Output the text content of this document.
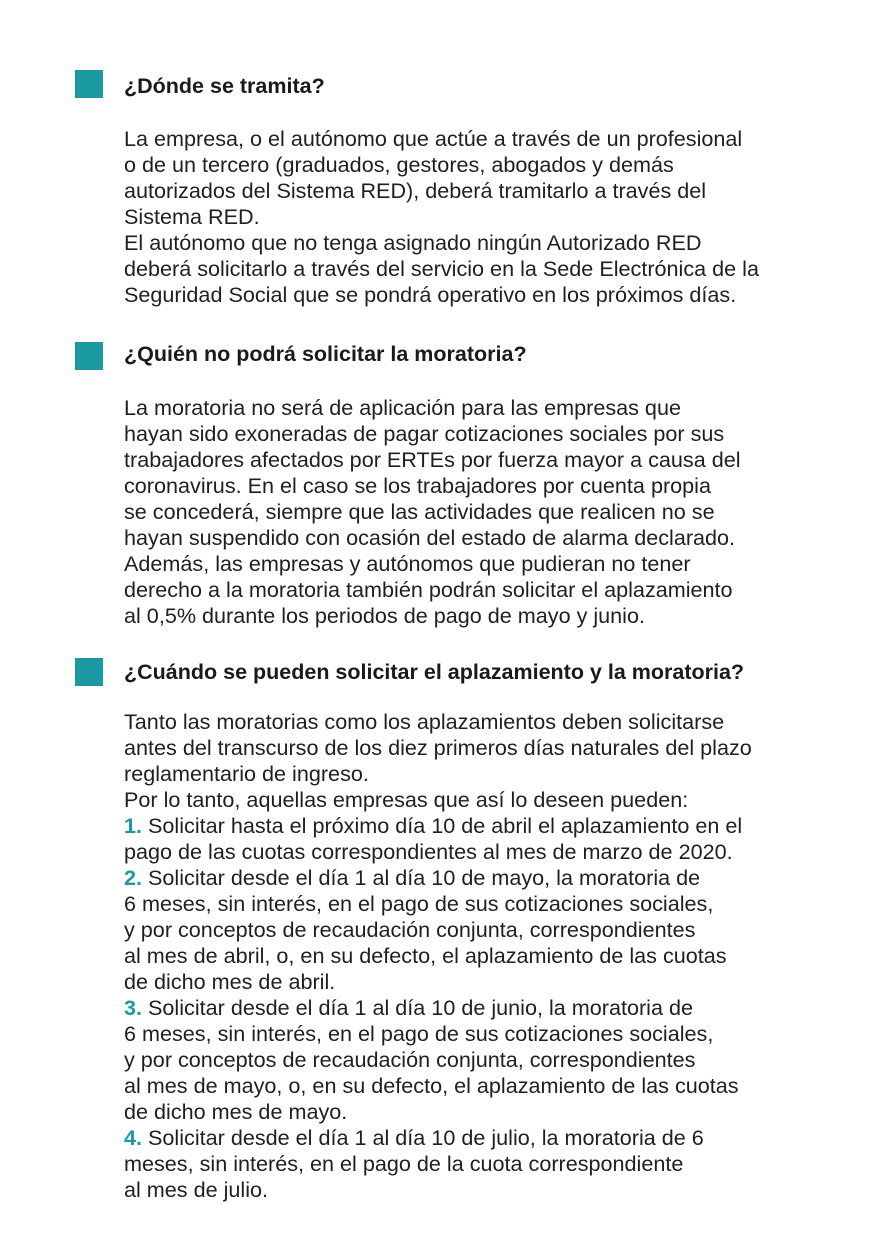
¿Dónde se tramita?

La empresa, o el autónomo que actúe a través de un profesional
o de un tercero (graduados, gestores, abogados y demás
autorizados del Sistema RED), deberá tramitarlo a través del
Sistema RED.
El autónomo que no tenga asignado ningún Autorizado RED
deberá solicitarlo a través del servicio en la Sede Electrónica de la
Seguridad Social que se pondrá operativo en los próximos días.

¿Quién no podrá solicitar la moratoria?

La moratoria no será de aplicación para las empresas que
hayan sido exoneradas de pagar cotizaciones sociales por sus
trabajadores afectados por ERTEs por fuerza mayor a causa del
coronavirus. En el caso se los trabajadores por cuenta propia
se concederá, siempre que las actividades que realicen no se
hayan suspendido con ocasión del estado de alarma declarado.
Además, las empresas y autónomos que pudieran no tener
derecho a la moratoria también podrán solicitar el aplazamiento
al 0,5% durante los periodos de pago de mayo y junio.

¿Cuándo se pueden solicitar el aplazamiento y la moratoria?

Tanto las moratorias como los aplazamientos deben solicitarse
antes del transcurso de los diez primeros días naturales del plazo
reglamentario de ingreso.
Por lo tanto, aquellas empresas que así lo deseen pueden:
1. Solicitar hasta el próximo día 10 de abril el aplazamiento en el
pago de las cuotas correspondientes al mes de marzo de 2020.
2. Solicitar desde el día 1 al día 10 de mayo, la moratoria de
6 meses, sin interés, en el pago de sus cotizaciones sociales,
y por conceptos de recaudación conjunta, correspondientes
al mes de abril, o, en su defecto, el aplazamiento de las cuotas
de dicho mes de abril.
3. Solicitar desde el día 1 al día 10 de junio, la moratoria de
6 meses, sin interés, en el pago de sus cotizaciones sociales,
y por conceptos de recaudación conjunta, correspondientes
al mes de mayo, o, en su defecto, el aplazamiento de las cuotas
de dicho mes de mayo.
4. Solicitar desde el día 1 al día 10 de julio, la moratoria de 6
meses, sin interés, en el pago de la cuota correspondiente
al mes de julio.
